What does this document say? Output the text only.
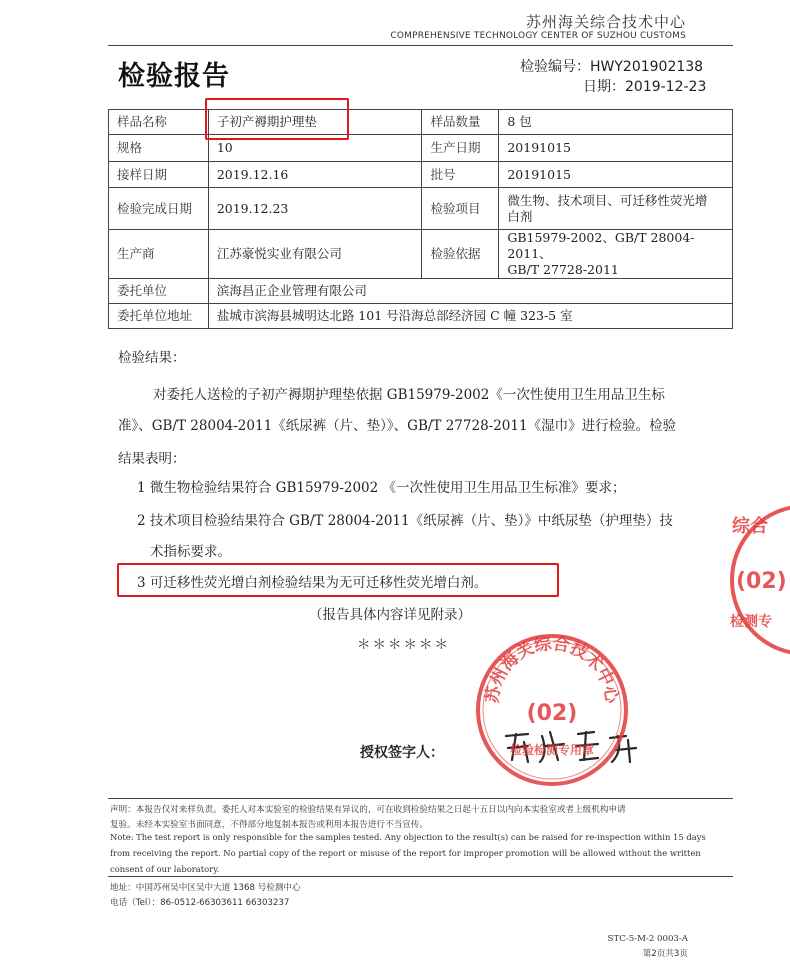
苏州海关综合技术中心
COMPREHENSIVE TECHNOLOGY CENTER OF SUZHOU CUSTOMS
检验报告	检验编号：HWY201902138
日期：2019-12-23
样品名称	子初产褥期护理垫	样品数量	8 包
规格	10	生产日期	20191015
接样日期	2019.12.16	批号	20191015
检验完成日期	2019.12.23	检验项目	微生物、技术项目、可迁移性荧光增
白剂
生产商	江苏豪悦实业有限公司	检验依据	GB15979-2002、GB/T 28004-2011、
GB/T 27728-2011
委托单位	滨海昌正企业管理有限公司		
委托单位地址	盐城市滨海县城明达北路 101 号沿海总部经济园 C 幢 323-5 室		
检验结果：
对委托人送检的子初产褥期护理垫依据 GB15979-2002《一次性使用卫生用品卫生标
准》、GB/T 28004-2011《纸尿裤（片、垫）》、GB/T 27728-2011《湿巾》进行检验。检验
结果表明：
1 微生物检验结果符合 GB15979-2002 《一次性使用卫生用品卫生标准》要求；
2 技术项目检验结果符合 GB/T 28004-2011《纸尿裤（片、垫）》中纸尿垫（护理垫）技
术指标要求。
3 可迁移性荧光增白剂检验结果为无可迁移性荧光增白剂。
（报告具体内容详见附录）
＊＊＊＊＊＊
授权签字人：
苏州海关综合技术中心
(02)
检验检测专用章
综合
(02)
检测专
声明：本报告仅对来样负责。委托人对本实验室的检验结果有异议的，可在收到检验结果之日起十五日以内向本实验室或者上级机构申请
复验。未经本实验室书面同意，不得部分地复制本报告或利用本报告进行不当宣传。
Note: The test report is only responsible for the samples tested. Any objection to the result(s) can be raised for re-inspection within 15 days
from receiving the report. No partial copy of the report or misuse of the report for improper promotion will be allowed without the written
consent of our laboratory.
地址：中国苏州吴中区吴中大道 1368 号检测中心
电话（Tel）：86-0512-66303611 66303237
STC-5-M-2 0003-A
第2页共3页
